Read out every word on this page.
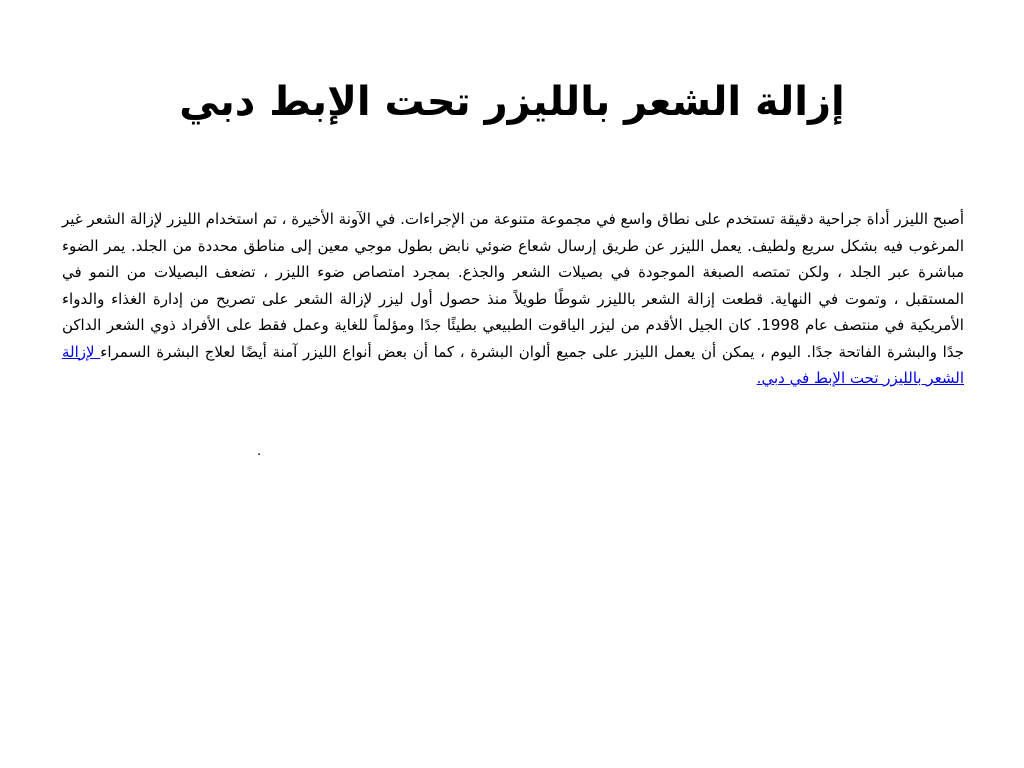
إزالة الشعر بالليزر تحت الإبط دبي

أصبح الليزر أداة جراحية دقيقة تستخدم على نطاق واسع في مجموعة متنوعة من الإجراءات. في الآونة الأخيرة ، تم استخدام الليزر لإزالة الشعر غير المرغوب فيه بشكل سريع ولطيف. يعمل الليزر عن طريق إرسال شعاع ضوئي نابض بطول موجي معين إلى مناطق محددة من الجلد. يمر الضوء مباشرة عبر الجلد ، ولكن تمتصه الصبغة الموجودة في بصيلات الشعر والجذع. بمجرد امتصاص ضوء الليزر ، تضعف البصيلات من النمو في المستقبل ، وتموت في النهاية. قطعت إزالة الشعر بالليزر شوطًا طويلاً منذ حصول أول ليزر لإزالة الشعر على تصريح من إدارة الغذاء والدواء الأمريكية في منتصف عام 1998. كان الجيل الأقدم من ليزر الياقوت الطبيعي بطيئًا جدًا ومؤلماً للغاية وعمل فقط على الأفراد ذوي الشعر الداكن جدًا والبشرة الفاتحة جدًا. اليوم ، يمكن أن يعمل الليزر على جميع ألوان البشرة ، كما أن بعض أنواع الليزر آمنة أيضًا لعلاج البشرة السمراء لإزالة الشعر بالليزر تحت الإبط في دبي.

.
